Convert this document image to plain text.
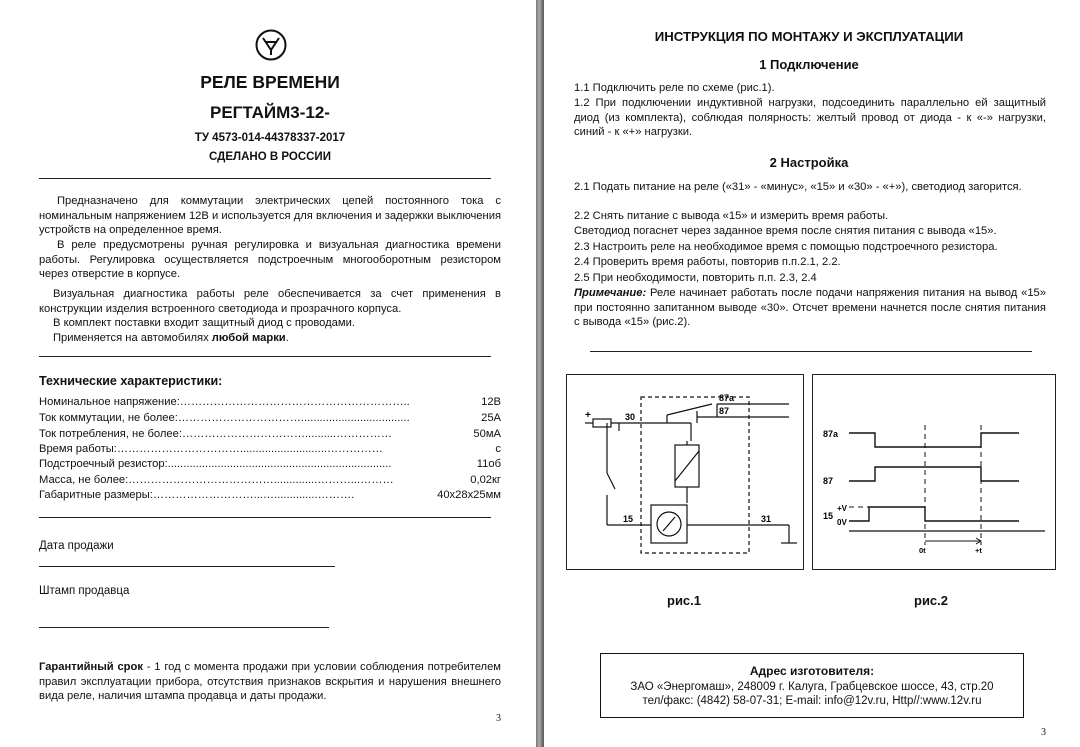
РЕЛЕ ВРЕМЕНИ
РЕГТАЙМ3-12-
ТУ 4573-014-44378337-2017
СДЕЛАНО В РОССИИ
Предназначено для коммутации электрических цепей постоянного тока с номинальным напряжением 12В и используется для включения и задержки выключения устройств на определенное время.
В реле предусмотрены ручная регулировка и визуальная диагностика времени работы. Регулировка осуществляется подстроечным многооборотным резистором через отверстие в корпусе.
Визуальная диагностика работы реле обеспечивается за счет применения в конструкции изделия встроенного светодиода и прозрачного корпуса.
В комплект поставки входит защитный диод с проводами.
Применяется на автомобилях любой марки.
Технические характеристики:
Номинальное напряжение:……………………………………………………..	12В
Ток коммутации, не более:……………………………...................................	25А
Ток потребления, не более:……………………………..........……………	50мА
Время работы:……………………………............................……………	с
Подстроечный резистор:........................................................................	11об
Масса, не более:…………………………………..............………...………	0,02кг
Габаритные размеры:………………………...…..............……….	40х28х25мм
Дата продажи
Штамп продавца
Гарантийный срок - 1 год с момента продажи при условии соблюдения потребителем правил эксплуатации прибора, отсутствия признаков вскрытия и нарушения внешнего вида реле, наличия штампа продавца и даты продажи.
3
ИНСТРУКЦИЯ ПО МОНТАЖУ И ЭКСПЛУАТАЦИИ
1 Подключение
1.1 Подключить реле по схеме (рис.1).
1.2 При подключении индуктивной нагрузки, подсоединить параллельно ей защитный диод (из комплекта), соблюдая полярность: желтый провод от диода - к «-» нагрузки, синий - к «+» нагрузки.
2 Настройка
2.1 Подать питание на реле («31» - «минус», «15» и «30» - «+»), светодиод загорится.
2.2 Снять питание с вывода «15» и измерить время работы.
Светодиод погаснет через заданное время после снятия питания с вывода «15».
2.3 Настроить реле на необходимое время с помощью подстроечного резистора.
2.4 Проверить время работы, повторив п.п.2.1, 2.2.
2.5 При необходимости, повторить п.п. 2.3, 2.4
Примечание: Реле начинает работать после подачи напряжения питания на вывод «15» при постоянно запитанном выводе «30». Отсчет времени начнется после снятия питания с вывода «15» (рис.2).
87а
87
30
15	31
+
87а
87
15
+V
0V
0t	+t
рис.1	рис.2
Адрес изготовителя:
ЗАО «Энергомаш», 248009 г. Калуга, Грабцевское шоссе, 43, стр.20
тел/факс: (4842) 58-07-31; E-mail: info@12v.ru, Http//:www.12v.ru
3
